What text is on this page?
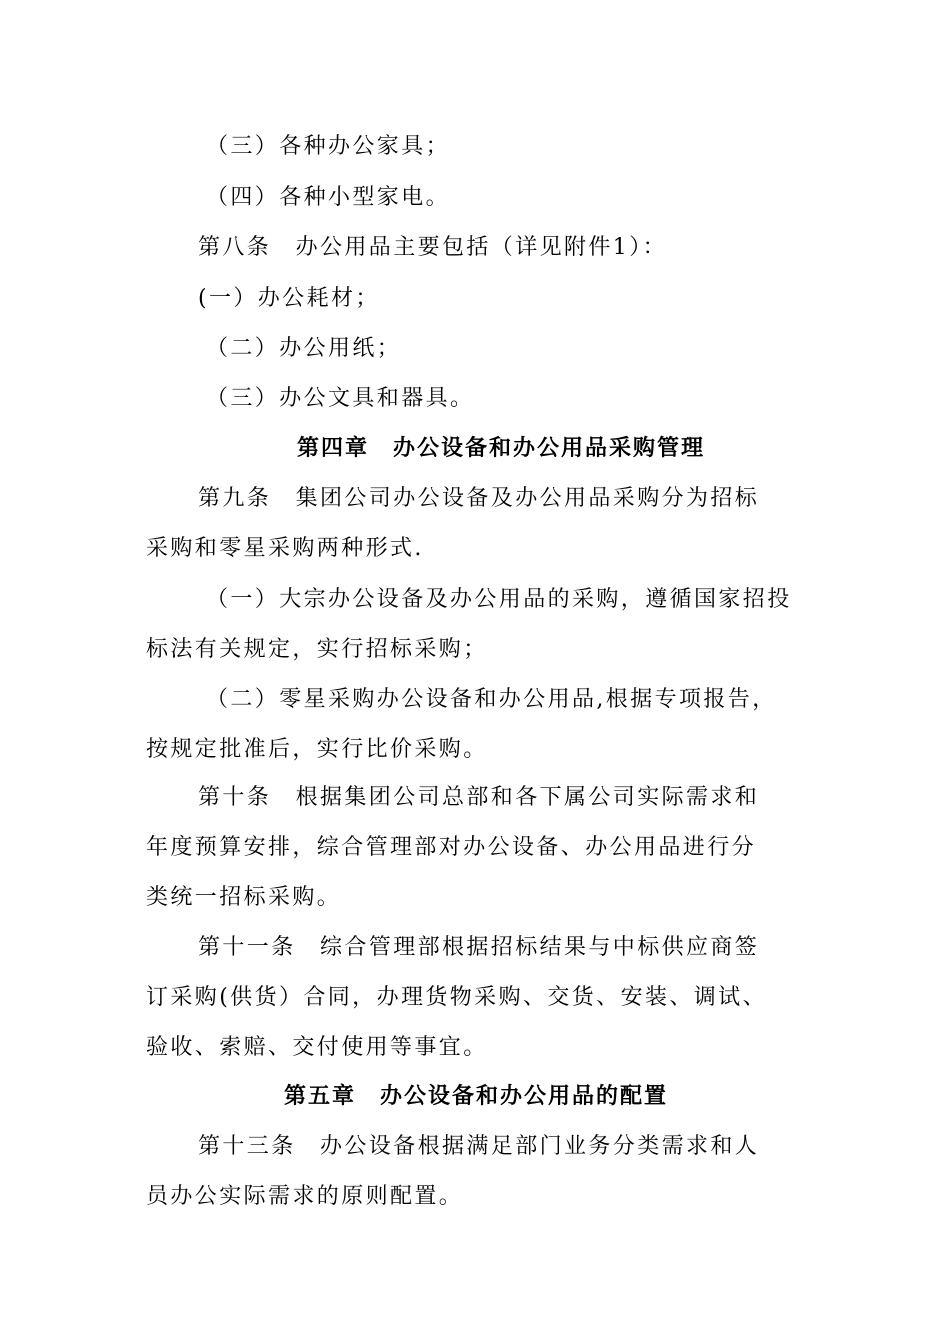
（三）各种办公家具；
（四）各种小型家电。
第八条　办公用品主要包括（详见附件1）：
(一）办公耗材；
（二）办公用纸；
（三）办公文具和器具。
第四章　办公设备和办公用品采购管理
第九条　集团公司办公设备及办公用品采购分为招标
采购和零星采购两种形式.
（一）大宗办公设备及办公用品的采购，遵循国家招投
标法有关规定，实行招标采购；
（二）零星采购办公设备和办公用品,根据专项报告，
按规定批准后，实行比价采购。
第十条　根据集团公司总部和各下属公司实际需求和
年度预算安排，综合管理部对办公设备、办公用品进行分
类统一招标采购。
第十一条　综合管理部根据招标结果与中标供应商签
订采购(供货）合同，办理货物采购、交货、安装、调试、
验收、索赔、交付使用等事宜。
第五章　办公设备和办公用品的配置
第十三条　办公设备根据满足部门业务分类需求和人
员办公实际需求的原则配置。
